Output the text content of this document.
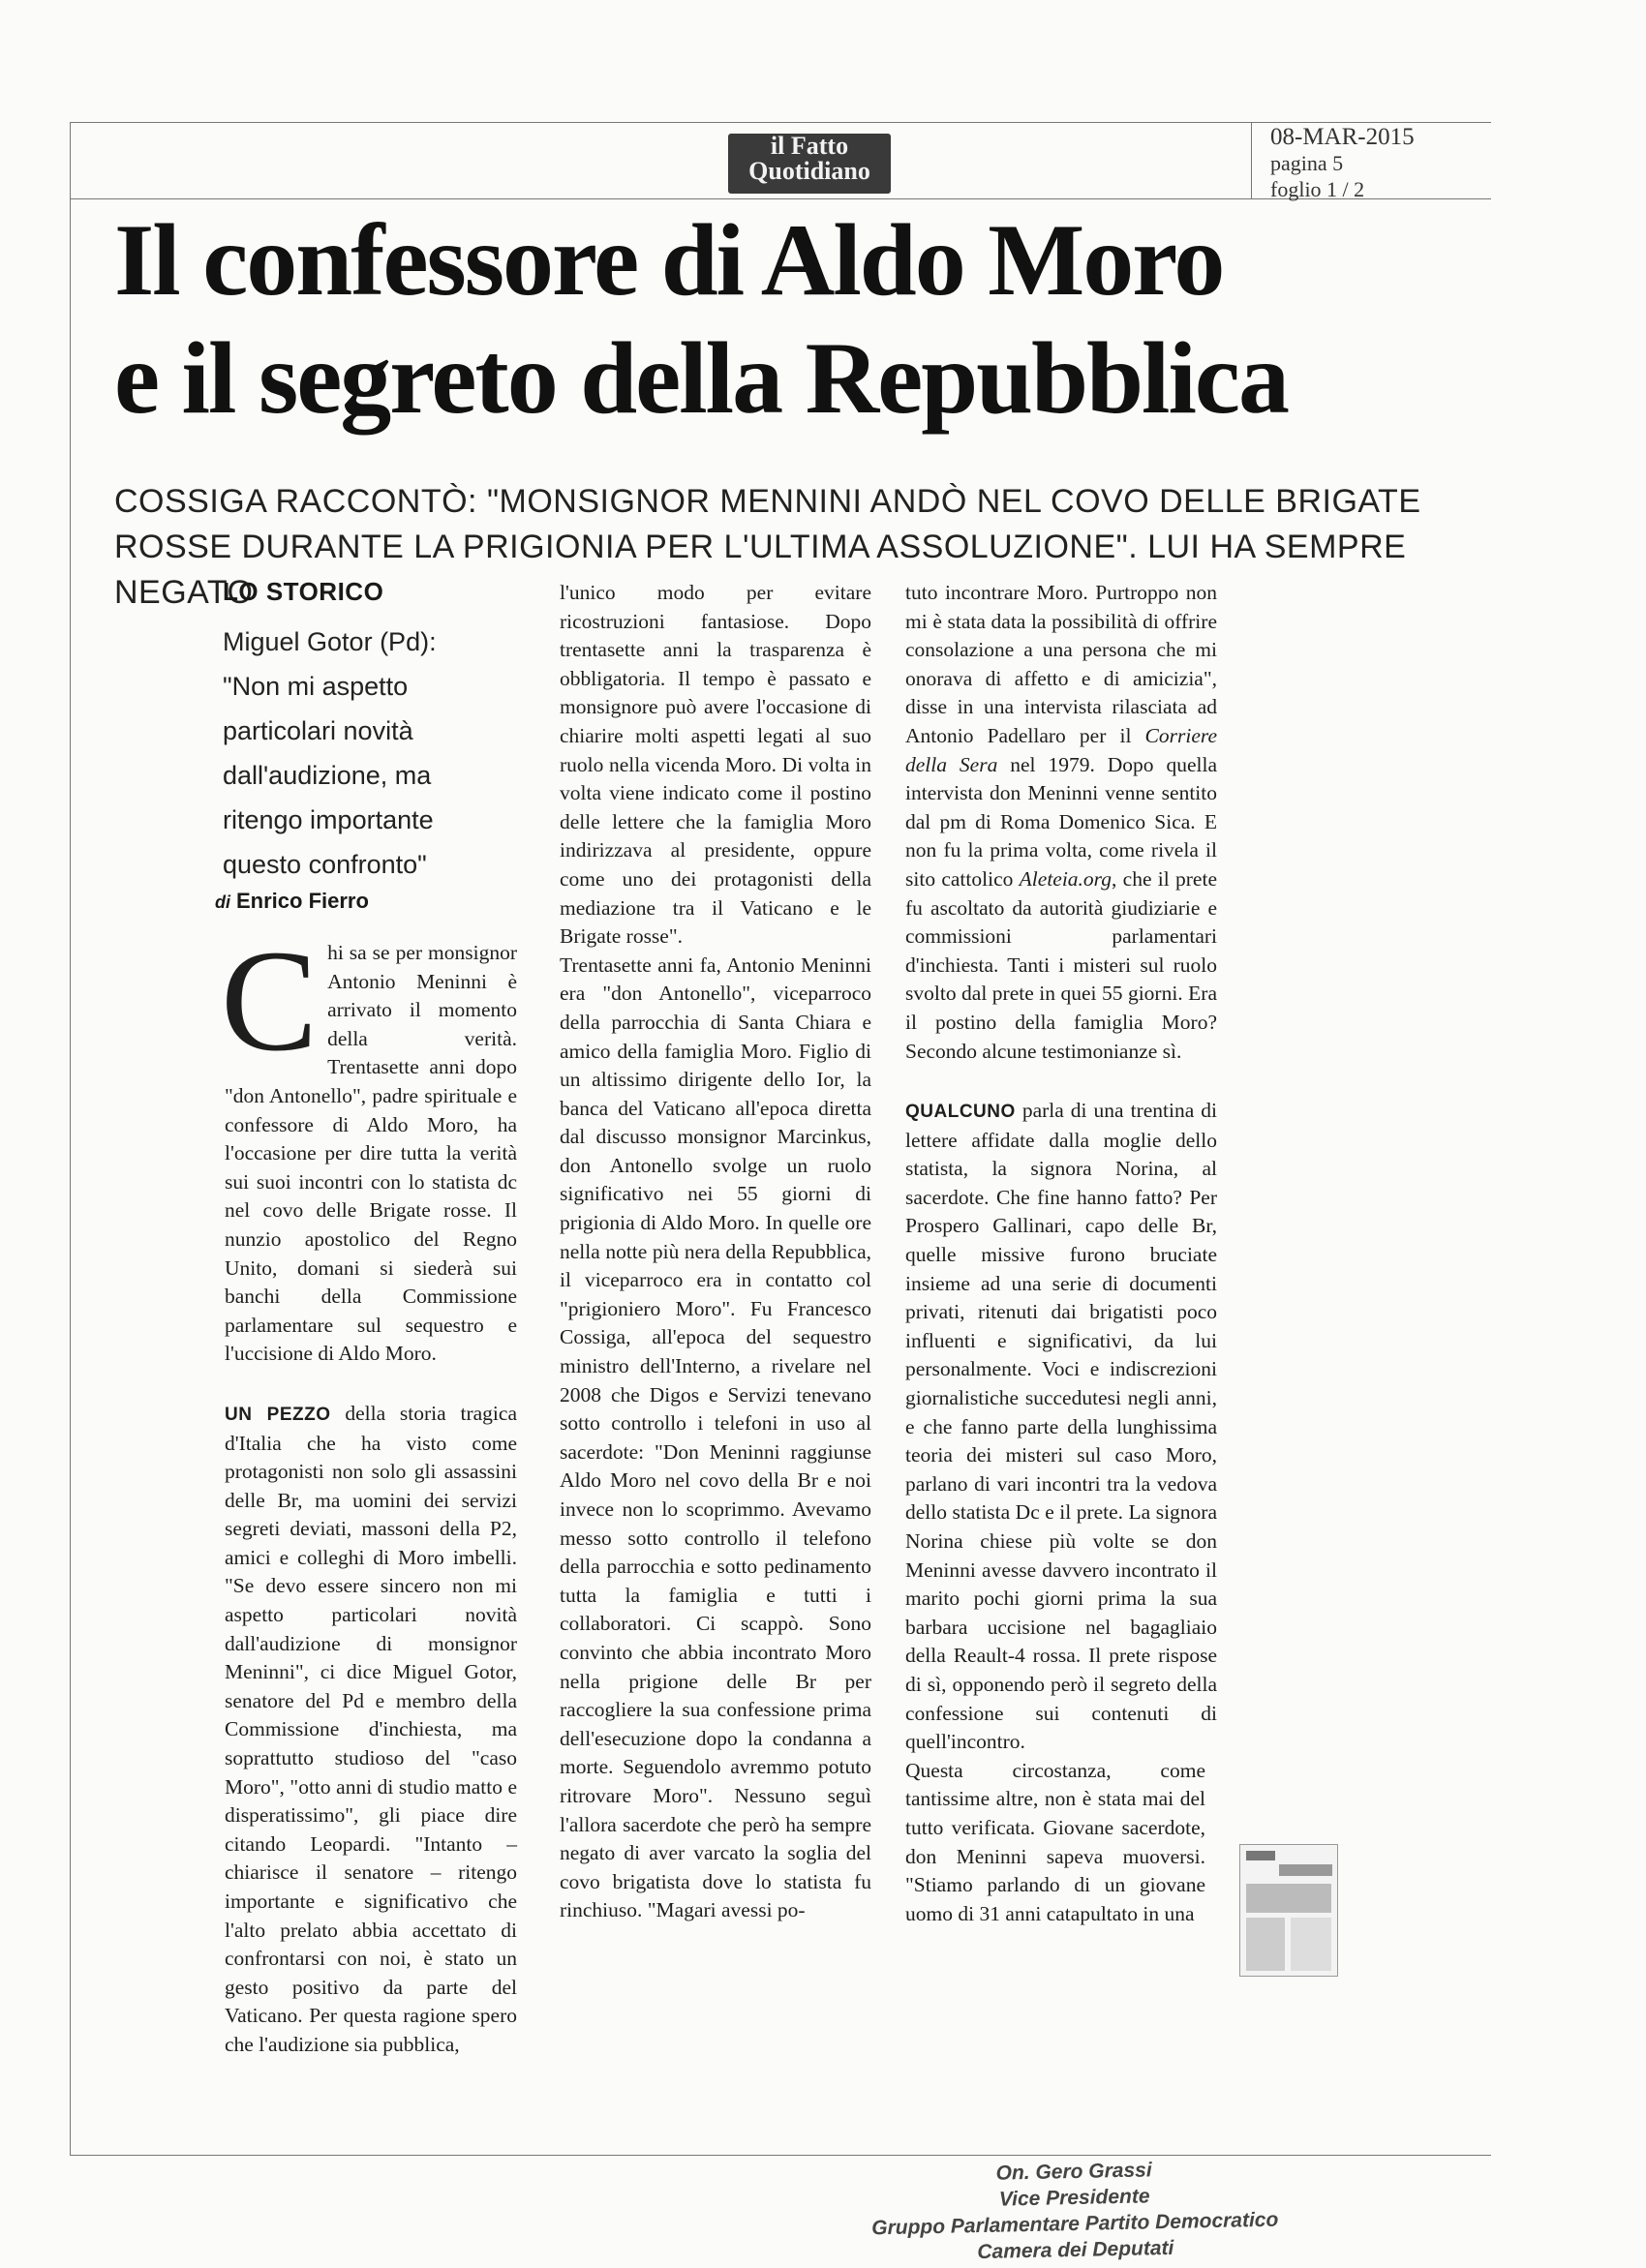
il Fatto
Quotidiano
08-MAR-2015
pagina 5
foglio 1 / 2
Il confessore di Aldo Moro
e il segreto della Repubblica
COSSIGA RACCONTÒ: "MONSIGNOR MENNINI ANDÒ NEL COVO DELLE BRIGATE
ROSSE DURANTE LA PRIGIONIA PER L'ULTIMA ASSOLUZIONE". LUI HA SEMPRE NEGATO
LO STORICO
Miguel Gotor (Pd):
"Non mi aspetto
particolari novità
dall'audizione, ma
ritengo importante
questo confronto"
di Enrico Fierro

Chi sa se per monsignor Antonio Meninni è arrivato il momento della verità. Trentasette anni dopo "don Antonello", padre spirituale e confessore di Aldo Moro, ha l'occasione per dire tutta la verità sui suoi incontri con lo statista dc nel covo delle Brigate rosse. Il nunzio apostolico del Regno Unito, domani si siederà sui banchi della Commissione parlamentare sul sequestro e l'uccisione di Aldo Moro.

UN PEZZO della storia tragica d'Italia che ha visto come protagonisti non solo gli assassini delle Br, ma uomini dei servizi segreti deviati, massoni della P2, amici e colleghi di Moro imbelli. "Se devo essere sincero non mi aspetto particolari novità dall'audizione di monsignor Meninni", ci dice Miguel Gotor, senatore del Pd e membro della Commissione d'inchiesta, ma soprattutto studioso del "caso Moro", "otto anni di studio matto e disperatissimo", gli piace dire citando Leopardi. "Intanto – chiarisce il senatore – ritengo importante e significativo che l'alto prelato abbia accettato di confrontarsi con noi, è stato un gesto positivo da parte del Vaticano. Per questa ragione spero che l'audizione sia pubblica,

l'unico modo per evitare ricostruzioni fantasiose. Dopo trentasette anni la trasparenza è obbligatoria. Il tempo è passato e monsignore può avere l'occasione di chiarire molti aspetti legati al suo ruolo nella vicenda Moro. Di volta in volta viene indicato come il postino delle lettere che la famiglia Moro indirizzava al presidente, oppure come uno dei protagonisti della mediazione tra il Vaticano e le Brigate rosse".

Trentasette anni fa, Antonio Meninni era "don Antonello", viceparroco della parrocchia di Santa Chiara e amico della famiglia Moro. Figlio di un altissimo dirigente dello Ior, la banca del Vaticano all'epoca diretta dal discusso monsignor Marcinkus, don Antonello svolge un ruolo significativo nei 55 giorni di prigionia di Aldo Moro. In quelle ore nella notte più nera della Repubblica, il viceparroco era in contatto col "prigioniero Moro". Fu Francesco Cossiga, all'epoca del sequestro ministro dell'Interno, a rivelare nel 2008 che Digos e Servizi tenevano sotto controllo i telefoni in uso al sacerdote: "Don Meninni raggiunse Aldo Moro nel covo della Br e noi invece non lo scoprimmo. Avevamo messo sotto controllo il telefono della parrocchia e sotto pedinamento tutta la famiglia e tutti i collaboratori. Ci scappò. Sono convinto che abbia incontrato Moro nella prigione delle Br per raccogliere la sua confessione prima dell'esecuzione dopo la condanna a morte. Seguendolo avremmo potuto ritrovare Moro". Nessuno seguì l'allora sacerdote che però ha sempre negato di aver varcato la soglia del covo brigatista dove lo statista fu rinchiuso. "Magari avessi po-

tuto incontrare Moro. Purtroppo non mi è stata data la possibilità di offrire consolazione a una persona che mi onorava di affetto e di amicizia", disse in una intervista rilasciata ad Antonio Padellaro per il Corriere della Sera nel 1979. Dopo quella intervista don Meninni venne sentito dal pm di Roma Domenico Sica. E non fu la prima volta, come rivela il sito cattolico Aleteia.org, che il prete fu ascoltato da autorità giudiziarie e commissioni parlamentari d'inchiesta. Tanti i misteri sul ruolo svolto dal prete in quei 55 giorni. Era il postino della famiglia Moro? Secondo alcune testimonianze sì.

QUALCUNO parla di una trentina di lettere affidate dalla moglie dello statista, la signora Norina, al sacerdote. Che fine hanno fatto? Per Prospero Gallinari, capo delle Br, quelle missive furono bruciate insieme ad una serie di documenti privati, ritenuti dai brigatisti poco influenti e significativi, da lui personalmente. Voci e indiscrezioni giornalistiche succedutesi negli anni, e che fanno parte della lunghissima teoria dei misteri sul caso Moro, parlano di vari incontri tra la vedova dello statista Dc e il prete. La signora Norina chiese più volte se don Meninni avesse davvero incontrato il marito pochi giorni prima la sua barbara uccisione nel bagagliaio della Reault-4 rossa. Il prete rispose di sì, opponendo però il segreto della confessione sui contenuti di quell'incontro.

Questa circostanza, come tantissime altre, non è stata mai del tutto verificata. Giovane sacerdote, don Meninni sapeva muoversi. "Stiamo parlando di un giovane uomo di 31 anni catapultato in una

On. Gero Grassi
Vice Presidente
Gruppo Parlamentare Partito Democratico
Camera dei Deputati
